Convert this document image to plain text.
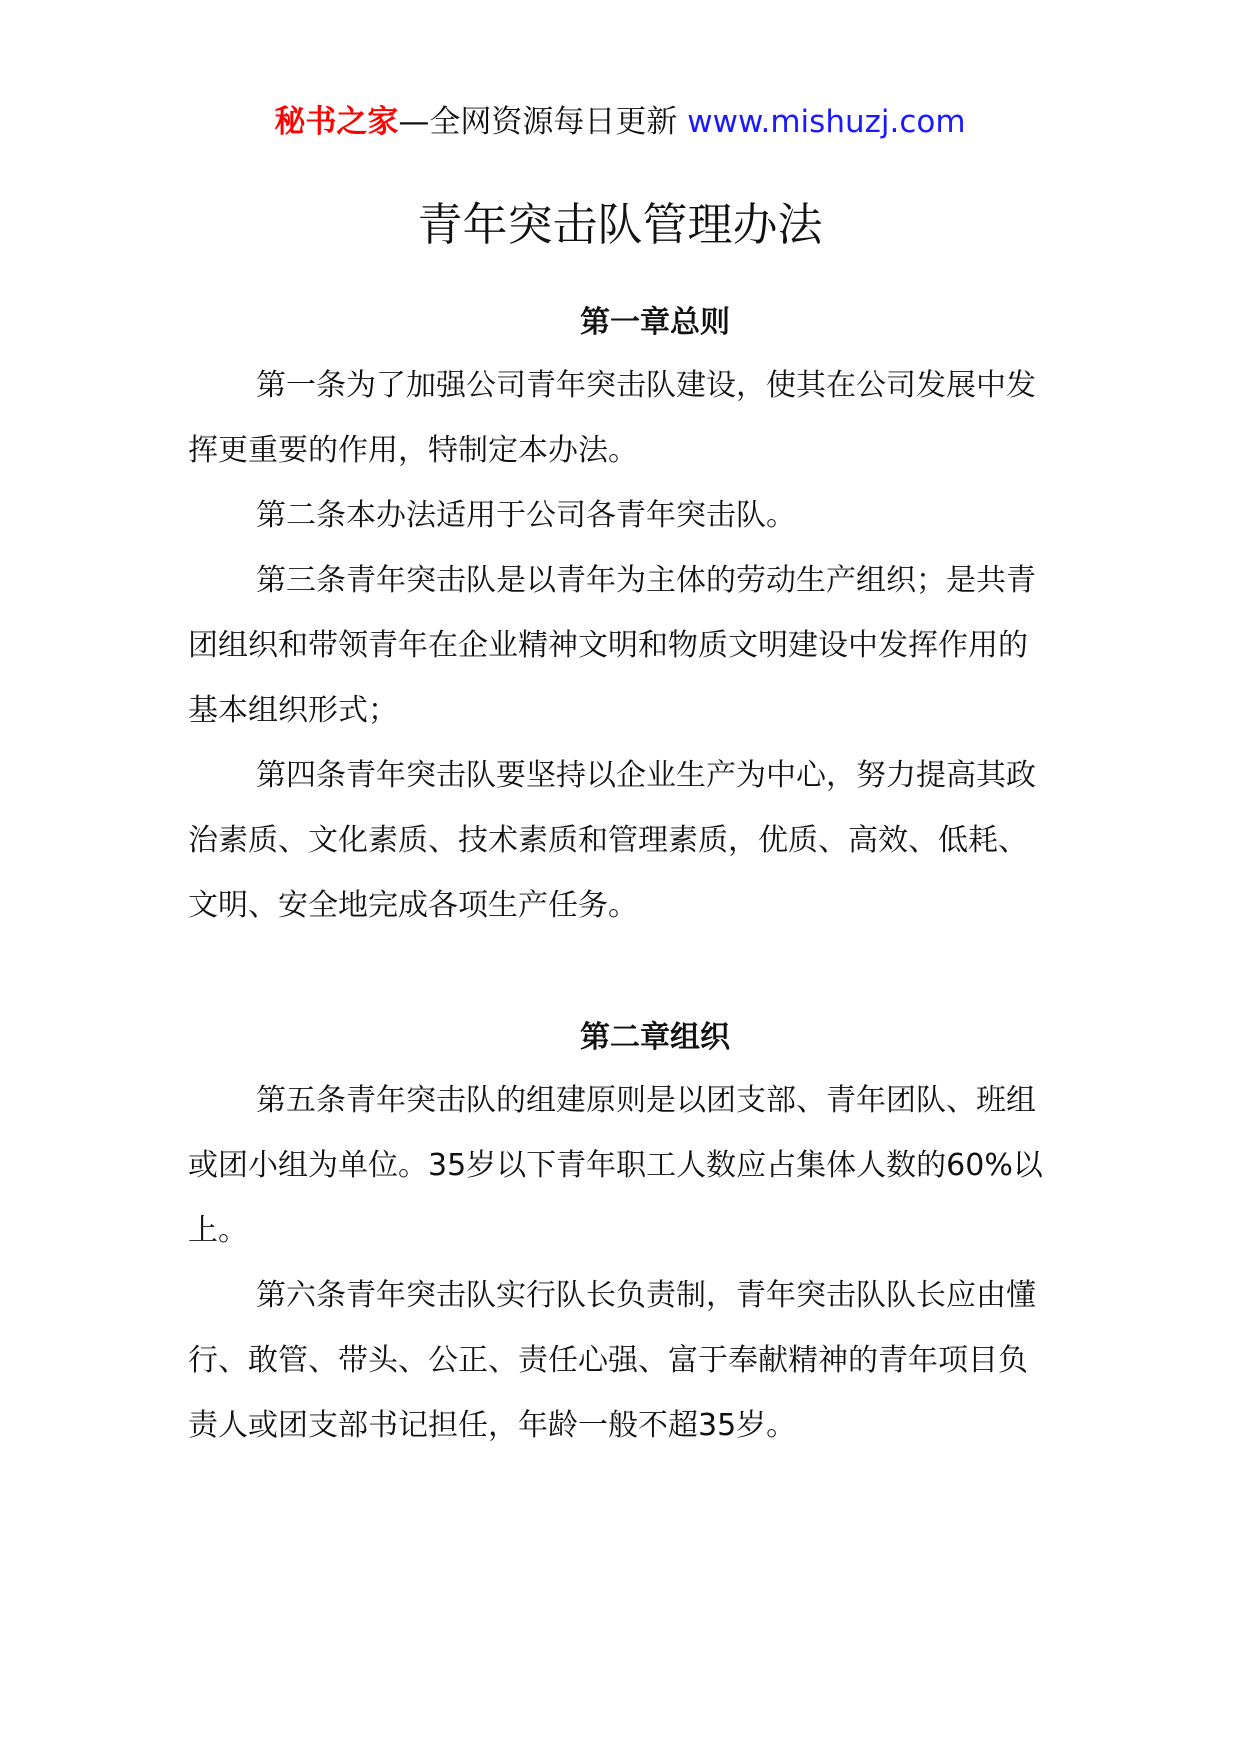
秘书之家—全网资源每日更新 www.mishuzj.com
青年突击队管理办法
第一章总则

第一条为了加强公司青年突击队建设，使其在公司发展中发挥更重要的作用，特制定本办法。

第二条本办法适用于公司各青年突击队。

第三条青年突击队是以青年为主体的劳动生产组织；是共青团组织和带领青年在企业精神文明和物质文明建设中发挥作用的基本组织形式；

第四条青年突击队要坚持以企业生产为中心，努力提高其政治素质、文化素质、技术素质和管理素质，优质、高效、低耗、文明、安全地完成各项生产任务。

第二章组织

第五条青年突击队的组建原则是以团支部、青年团队、班组或团小组为单位。35岁以下青年职工人数应占集体人数的60%以上。

第六条青年突击队实行队长负责制，青年突击队队长应由懂行、敢管、带头、公正、责任心强、富于奉献精神的青年项目负责人或团支部书记担任，年龄一般不超35岁。
